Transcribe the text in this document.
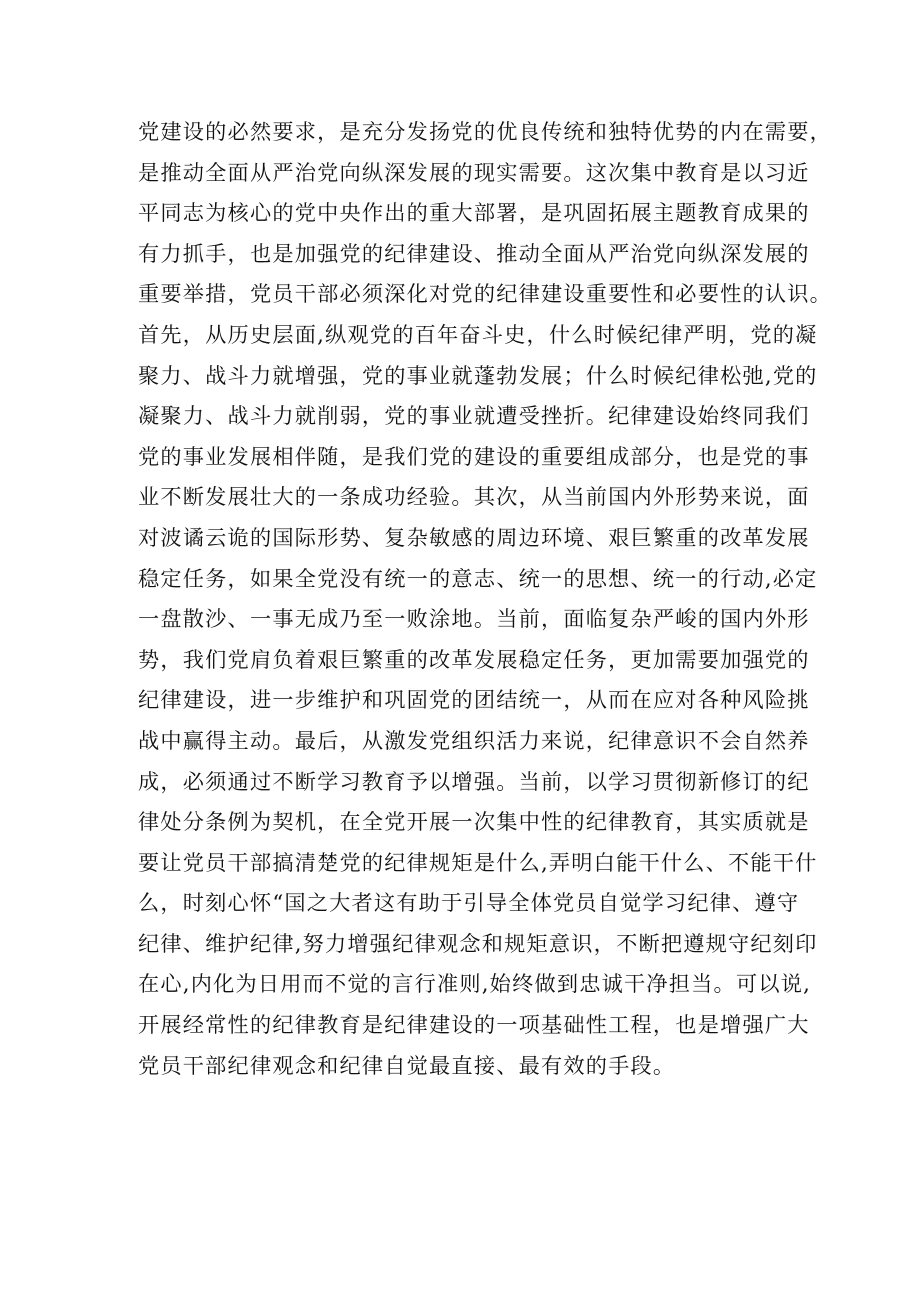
党建设的必然要求，是充分发扬党的优良传统和独特优势的内在需要，
是推动全面从严治党向纵深发展的现实需要。这次集中教育是以习近
平同志为核心的党中央作出的重大部署，是巩固拓展主题教育成果的
有力抓手，也是加强党的纪律建设、推动全面从严治党向纵深发展的
重要举措，党员干部必须深化对党的纪律建设重要性和必要性的认识。
首先，从历史层面,纵观党的百年奋斗史，什么时候纪律严明，党的凝
聚力、战斗力就增强，党的事业就蓬勃发展；什么时候纪律松弛,党的
凝聚力、战斗力就削弱，党的事业就遭受挫折。纪律建设始终同我们
党的事业发展相伴随，是我们党的建设的重要组成部分，也是党的事
业不断发展壮大的一条成功经验。其次，从当前国内外形势来说，面
对波谲云诡的国际形势、复杂敏感的周边环境、艰巨繁重的改革发展
稳定任务，如果全党没有统一的意志、统一的思想、统一的行动,必定
一盘散沙、一事无成乃至一败涂地。当前，面临复杂严峻的国内外形
势，我们党肩负着艰巨繁重的改革发展稳定任务，更加需要加强党的
纪律建设，进一步维护和巩固党的团结统一，从而在应对各种风险挑
战中赢得主动。最后，从激发党组织活力来说，纪律意识不会自然养
成，必须通过不断学习教育予以增强。当前，以学习贯彻新修订的纪
律处分条例为契机，在全党开展一次集中性的纪律教育，其实质就是
要让党员干部搞清楚党的纪律规矩是什么,弄明白能干什么、不能干什
么，时刻心怀“国之大者这有助于引导全体党员自觉学习纪律、遵守
纪律、维护纪律,努力增强纪律观念和规矩意识，不断把遵规守纪刻印
在心,内化为日用而不觉的言行准则,始终做到忠诚干净担当。可以说,
开展经常性的纪律教育是纪律建设的一项基础性工程，也是增强广大
党员干部纪律观念和纪律自觉最直接、最有效的手段。
